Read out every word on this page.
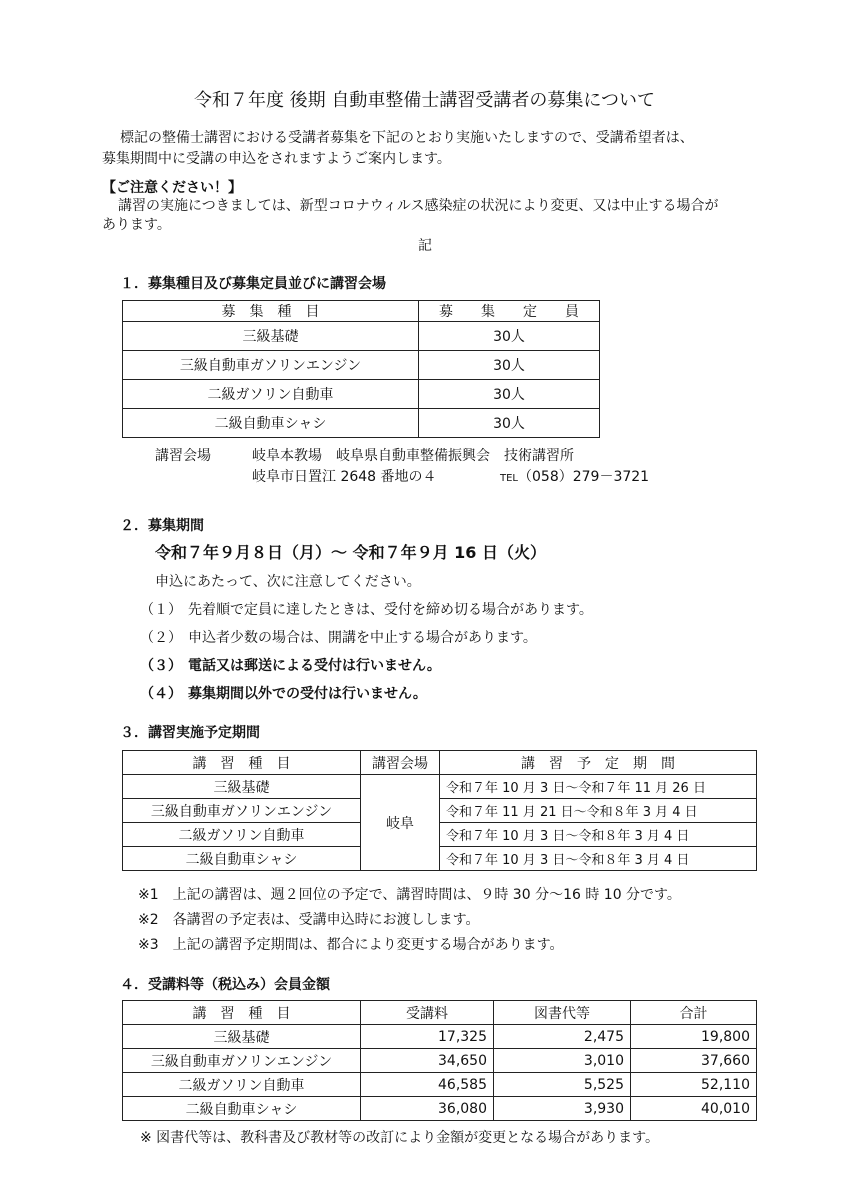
令和７年度 後期 自動車整備士講習受講者の募集について
標記の整備士講習における受講者募集を下記のとおり実施いたしますので、受講希望者は、
募集期間中に受講の申込をされますようご案内します。
【ご注意ください！】
講習の実施につきましては、新型コロナウィルス感染症の状況により変更、又は中止する場合が
あります。
記
１．募集種目及び募集定員並びに講習会場
募　集　種　目	募　　集　　定　　員
三級基礎	30人
三級自動車ガソリンエンジン	30人
二級ガソリン自動車	30人
二級自動車シャシ	30人
講習会場	岐阜本教場　岐阜県自動車整備振興会　技術講習所
岐阜市日置江 2648 番地の４	TEL（058）279－3721
２．募集期間
令和７年９月８日（月）～ 令和７年９月 16 日（火）
申込にあたって、次に注意してください。
（１） 先着順で定員に達したときは、受付を締め切る場合があります。
（２） 申込者少数の場合は、開講を中止する場合があります。
（３） 電話又は郵送による受付は行いません。
（４） 募集期間以外での受付は行いません。
３．講習実施予定期間
講　習　種　目	講習会場	講　習　予　定　期　間
三級基礎	岐阜	令和７年 10 月 3 日～令和７年 11 月 26 日
三級自動車ガソリンエンジン		令和７年 11 月 21 日～令和８年 3 月 4 日
二級ガソリン自動車		令和７年 10 月 3 日～令和８年 3 月 4 日
二級自動車シャシ		令和７年 10 月 3 日～令和８年 3 月 4 日
※1　上記の講習は、週２回位の予定で、講習時間は、９時 30 分～16 時 10 分です。
※2　各講習の予定表は、受講申込時にお渡しします。
※3　上記の講習予定期間は、都合により変更する場合があります。
４．受講料等（税込み）会員金額
講　習　種　目	受講料	図書代等	合計
三級基礎	17,325	2,475	19,800
三級自動車ガソリンエンジン	34,650	3,010	37,660
二級ガソリン自動車	46,585	5,525	52,110
二級自動車シャシ	36,080	3,930	40,010
※ 図書代等は、教科書及び教材等の改訂により金額が変更となる場合があります。
